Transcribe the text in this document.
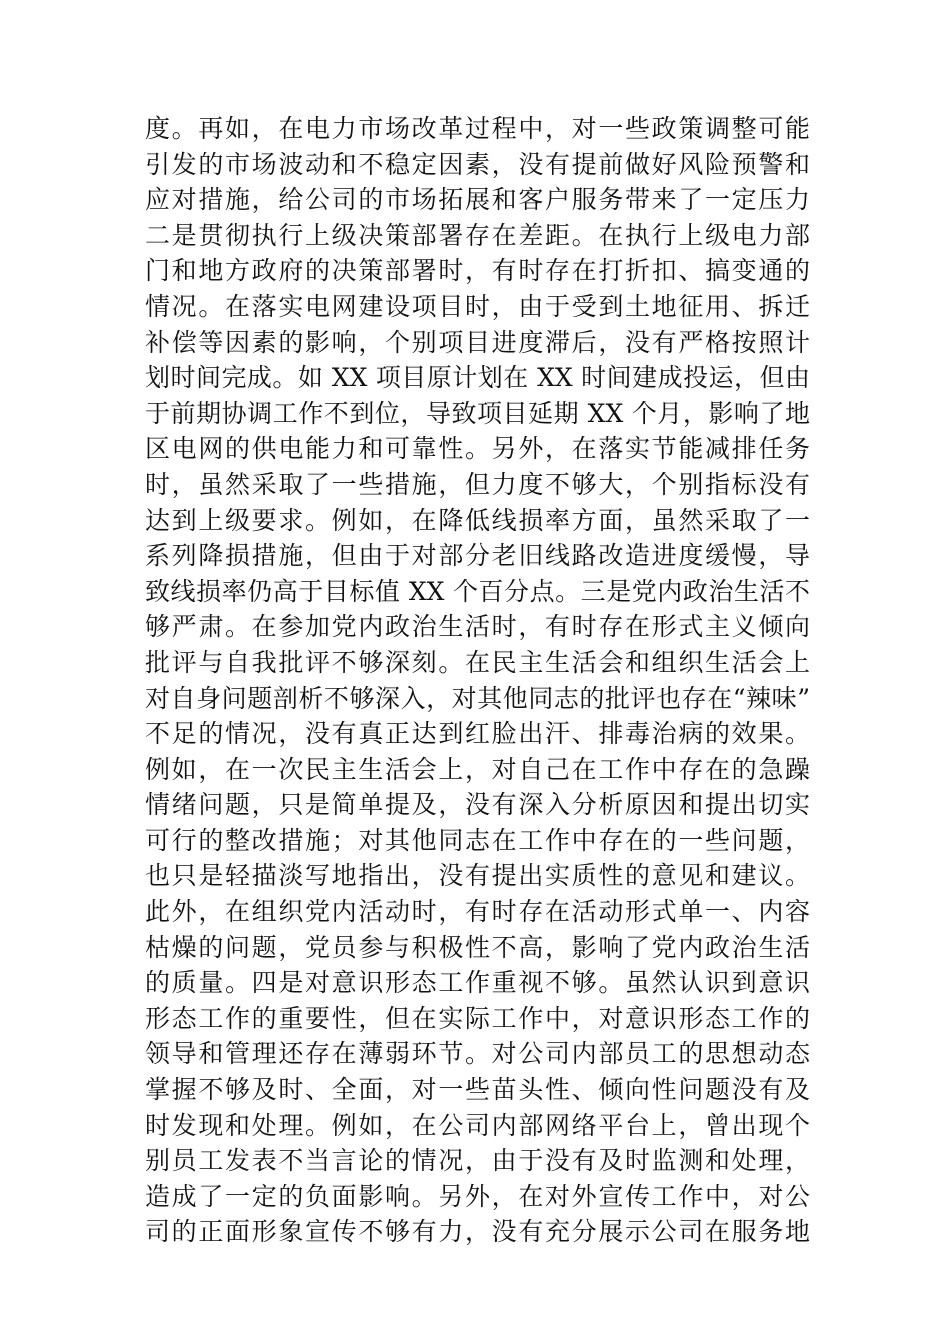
度。再如，在电力市场改革过程中，对一些政策调整可能
引发的市场波动和不稳定因素，没有提前做好风险预警和
应对措施，给公司的市场拓展和客户服务带来了一定压力
二是贯彻执行上级决策部署存在差距。在执行上级电力部
门和地方政府的决策部署时，有时存在打折扣、搞变通的
情况。在落实电网建设项目时，由于受到土地征用、拆迁
补偿等因素的影响，个别项目进度滞后，没有严格按照计
划时间完成。如 XX 项目原计划在 XX 时间建成投运，但由
于前期协调工作不到位，导致项目延期 XX 个月，影响了地
区电网的供电能力和可靠性。另外，在落实节能减排任务
时，虽然采取了一些措施，但力度不够大，个别指标没有
达到上级要求。例如，在降低线损率方面，虽然采取了一
系列降损措施，但由于对部分老旧线路改造进度缓慢，导
致线损率仍高于目标值 XX 个百分点。三是党内政治生活不
够严肃。在参加党内政治生活时，有时存在形式主义倾向
批评与自我批评不够深刻。在民主生活会和组织生活会上
对自身问题剖析不够深入，对其他同志的批评也存在“辣味”
不足的情况，没有真正达到红脸出汗、排毒治病的效果。
例如，在一次民主生活会上，对自己在工作中存在的急躁
情绪问题，只是简单提及，没有深入分析原因和提出切实
可行的整改措施；对其他同志在工作中存在的一些问题，
也只是轻描淡写地指出，没有提出实质性的意见和建议。
此外，在组织党内活动时，有时存在活动形式单一、内容
枯燥的问题，党员参与积极性不高，影响了党内政治生活
的质量。四是对意识形态工作重视不够。虽然认识到意识
形态工作的重要性，但在实际工作中，对意识形态工作的
领导和管理还存在薄弱环节。对公司内部员工的思想动态
掌握不够及时、全面，对一些苗头性、倾向性问题没有及
时发现和处理。例如，在公司内部网络平台上，曾出现个
别员工发表不当言论的情况，由于没有及时监测和处理，
造成了一定的负面影响。另外，在对外宣传工作中，对公
司的正面形象宣传不够有力，没有充分展示公司在服务地
